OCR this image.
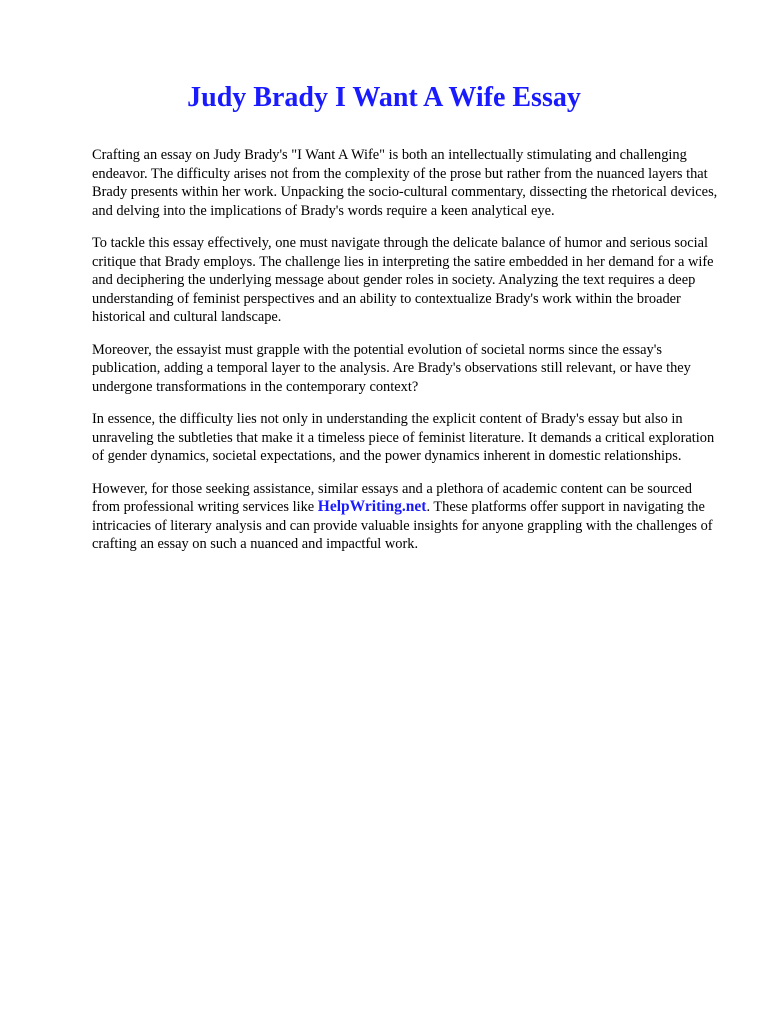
Judy Brady I Want A Wife Essay

Crafting an essay on Judy Brady's "I Want A Wife" is both an intellectually stimulating and challenging endeavor. The difficulty arises not from the complexity of the prose but rather from the nuanced layers that Brady presents within her work. Unpacking the socio-cultural commentary, dissecting the rhetorical devices, and delving into the implications of Brady's words require a keen analytical eye.

To tackle this essay effectively, one must navigate through the delicate balance of humor and serious social critique that Brady employs. The challenge lies in interpreting the satire embedded in her demand for a wife and deciphering the underlying message about gender roles in society. Analyzing the text requires a deep understanding of feminist perspectives and an ability to contextualize Brady's work within the broader historical and cultural landscape.

Moreover, the essayist must grapple with the potential evolution of societal norms since the essay's publication, adding a temporal layer to the analysis. Are Brady's observations still relevant, or have they undergone transformations in the contemporary context?

In essence, the difficulty lies not only in understanding the explicit content of Brady's essay but also in unraveling the subtleties that make it a timeless piece of feminist literature. It demands a critical exploration of gender dynamics, societal expectations, and the power dynamics inherent in domestic relationships.

However, for those seeking assistance, similar essays and a plethora of academic content can be sourced from professional writing services like HelpWriting.net. These platforms offer support in navigating the intricacies of literary analysis and can provide valuable insights for anyone grappling with the challenges of crafting an essay on such a nuanced and impactful work.
